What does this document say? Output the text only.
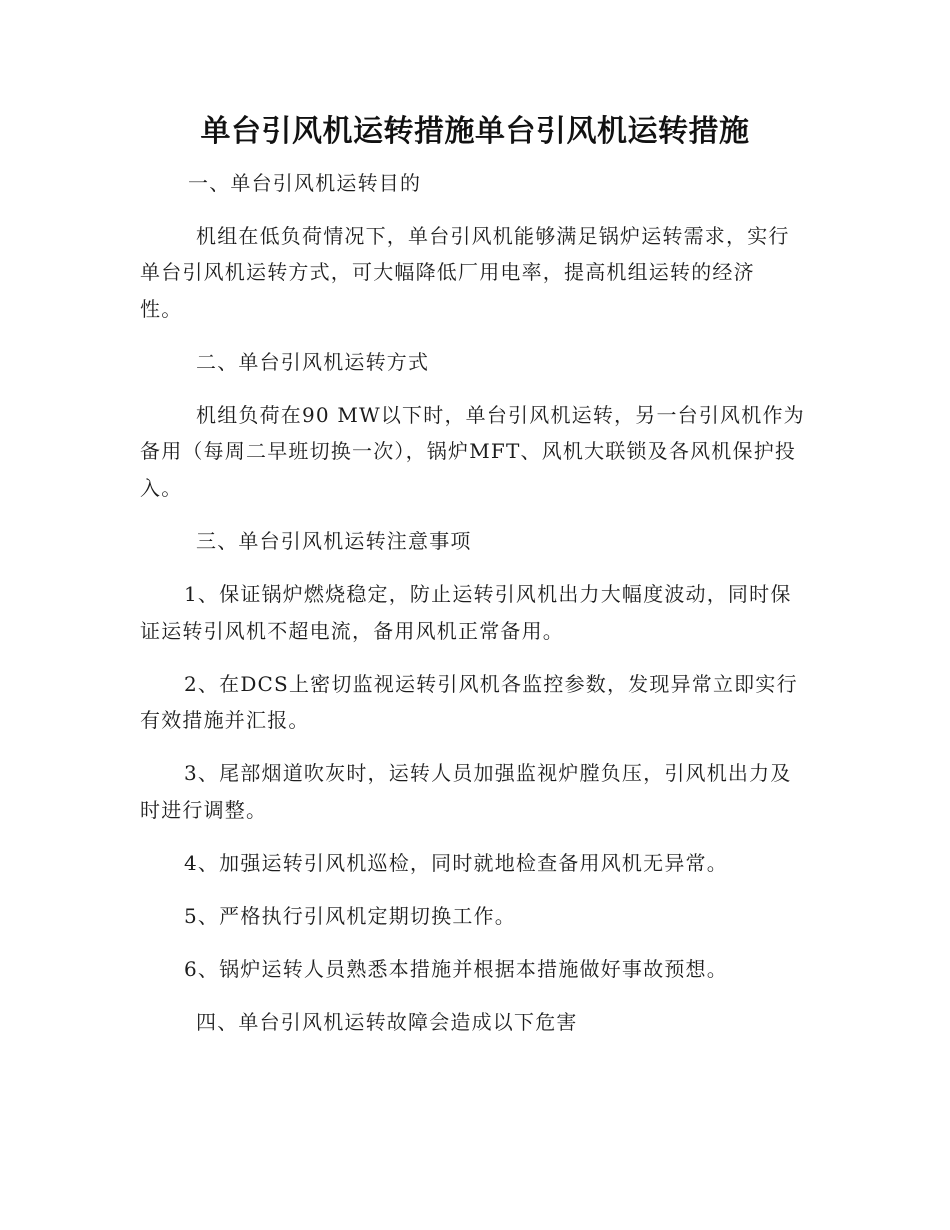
单台引风机运转措施单台引风机运转措施
一、单台引风机运转目的
机组在低负荷情况下，单台引风机能够满足锅炉运转需求，实行
单台引风机运转方式，可大幅降低厂用电率，提高机组运转的经济
性。
二、单台引风机运转方式
机组负荷在90 MW以下时，单台引风机运转，另一台引风机作为
备用（每周二早班切换一次），锅炉MFT、风机大联锁及各风机保护投
入。
三、单台引风机运转注意事项
1、保证锅炉燃烧稳定，防止运转引风机出力大幅度波动，同时保
证运转引风机不超电流，备用风机正常备用。
2、在DCS上密切监视运转引风机各监控参数，发现异常立即实行
有效措施并汇报。
3、尾部烟道吹灰时，运转人员加强监视炉膛负压，引风机出力及
时进行调整。
4、加强运转引风机巡检，同时就地检查备用风机无异常。
5、严格执行引风机定期切换工作。
6、锅炉运转人员熟悉本措施并根据本措施做好事故预想。
四、单台引风机运转故障会造成以下危害
